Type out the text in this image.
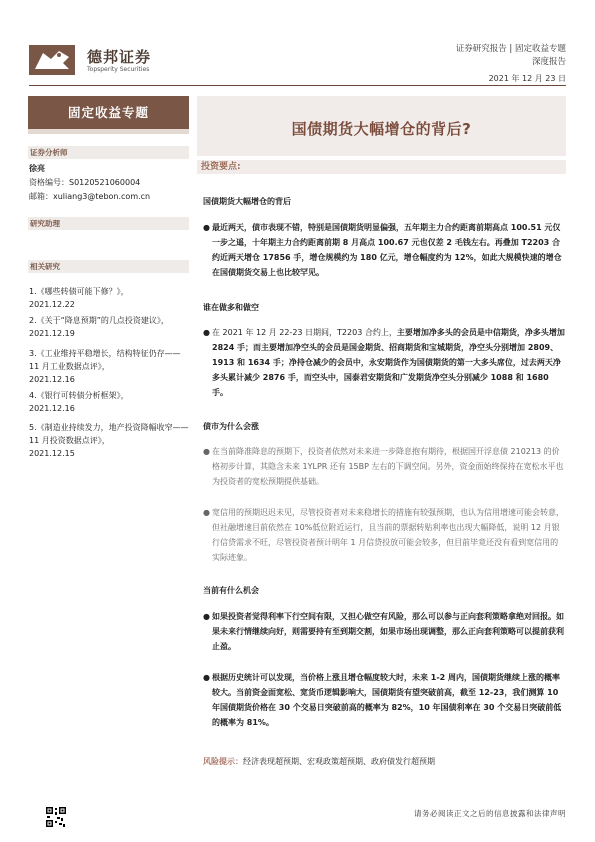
德邦证券
Topsperity Securities
证券研究报告 | 固定收益专题
深度报告
2021 年 12 月 23 日
固定收益专题
证券分析师
徐亮
资格编号：S0120521060004
邮箱：xuliang3@tebon.com.cn
研究助理
相关研究
1.《哪些转债可能下修？》，
2021.12.22
2.《关于“降息预期”的几点投资建议》，
2021.12.19
3.《工业维持平稳增长，结构特征仍存——11 月工业数据点评》，
2021.12.16
4.《银行可转债分析框架》，
2021.12.16
5.《制造业持续发力，地产投资降幅收窄——11 月投资数据点评》，
2021.12.15
国债期货大幅增仓的背后?
投资要点:
国债期货大幅增仓的背后
● 最近两天，债市表现不错，特别是国债期货明显偏强，五年期主力合约距离前期高点 100.51 元仅一步之遥，十年期主力合约距离前期 8 月高点 100.67 元也仅差 2 毛钱左右。再叠加 T2203 合约近两天增仓 17856 手，增仓规模约为 180 亿元，增仓幅度约为 12%，如此大规模快速的增仓在国债期货交易上也比较罕见。
谁在做多和做空
● 在 2021 年 12 月 22-23 日期间，T2203 合约上，主要增加净多头的会员是中信期货，净多头增加 2824 手；而主要增加净空头的会员是国金期货、招商期货和宝城期货，净空头分别增加 2809、1913 和 1634 手；净持仓减少的会员中，永安期货作为国债期货的第一大多头席位，过去两天净多头累计减少 2876 手，而空头中，国泰君安期货和广发期货净空头分别减少 1088 和 1680 手。
债市为什么会涨
● 在当前降准降息的预期下，投资者依然对未来进一步降息抱有期待，根据国开浮息债 210213 的价格初步计算，其隐含未来 1YLPR 还有 15BP 左右的下调空间。另外，资金面始终保持在宽松水平也为投资者的宽松预期提供基础。
● 宽信用的预期迟迟未见，尽管投资者对未来稳增长的措施有较强预期，也认为信用增速可能会转意，但社融增速目前依然在 10%低位附近运行，且当前的票据转贴利率也出现大幅降低，说明 12 月银行信贷需求不旺，尽管投资者预计明年 1 月信贷投放可能会较多，但目前毕竟还没有看到宽信用的实际迹象。
当前有什么机会
● 如果投资者觉得利率下行空间有限，又担心做空有风险，那么可以参与正向套利策略拿绝对回报。如果未来行情继续向好，则需要持有至到期交割，如果市场出现调整，那么正向套利策略可以提前获利止盈。
● 根据历史统计可以发现，当价格上涨且增仓幅度较大时，未来 1-2 周内，国债期货继续上涨的概率较大。当前资金面宽松、宽货币逻辑影响大，国债期货有望突破前高，截至 12-23，我们测算 10 年国债期货价格在 30 个交易日突破前高的概率为 82%，10 年国债利率在 30 个交易日突破前低的概率为 81%。
风险提示：经济表现超预期、宏观政策超预期、政府债发行超预期
请务必阅读正文之后的信息披露和法律声明
